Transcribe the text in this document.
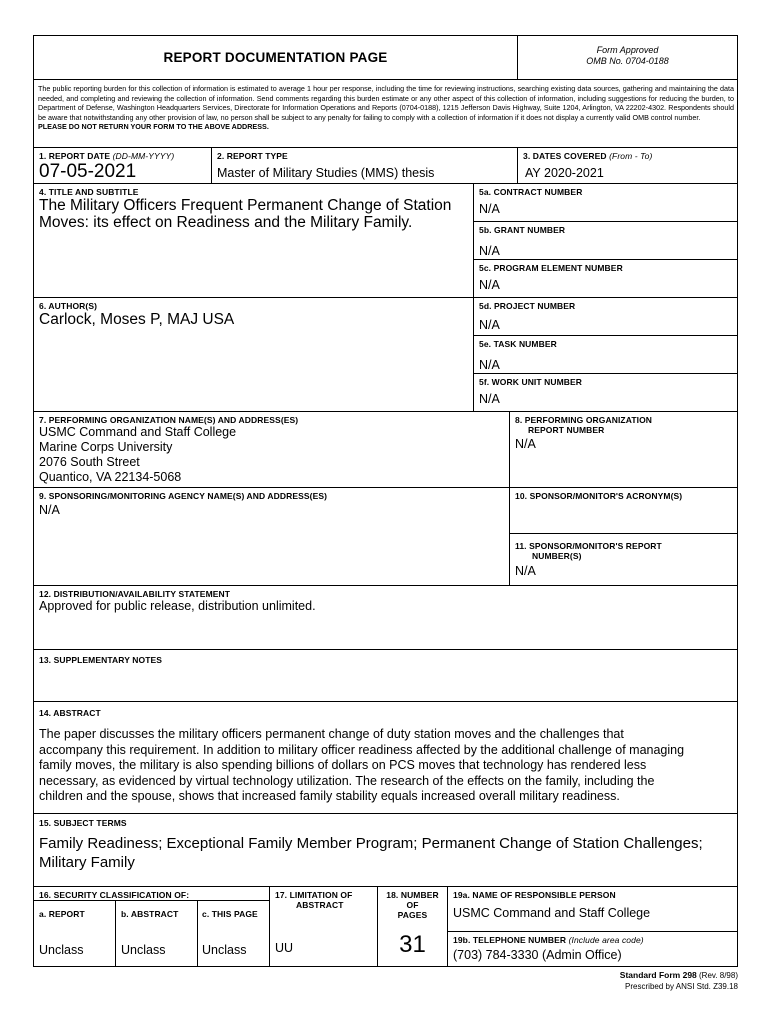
REPORT DOCUMENTATION PAGE	Form Approved
OMB No. 0704-0188

The public reporting burden for this collection of information is estimated to average 1 hour per response, including the time for reviewing instructions, searching existing data sources, gathering and maintaining the data needed, and completing and reviewing the collection of information. Send comments regarding this burden estimate or any other aspect of this collection of information, including suggestions for reducing the burden, to Department of Defense, Washington Headquarters Services, Directorate for Information Operations and Reports (0704-0188), 1215 Jefferson Davis Highway, Suite 1204, Arlington, VA 22202-4302. Respondents should be aware that notwithstanding any other provision of law, no person shall be subject to any penalty for failing to comply with a collection of information if it does not display a currently valid OMB control number.

PLEASE DO NOT RETURN YOUR FORM TO THE ABOVE ADDRESS.

1. REPORT DATE (DD-MM-YYYY)
07-05-2021
2. REPORT TYPE
Master of Military Studies (MMS) thesis
3. DATES COVERED (From - To)
AY 2020-2021
4. TITLE AND SUBTITLE
The Military Officers Frequent Permanent Change of Station
Moves: its effect on Readiness and the Military Family.
5a. CONTRACT NUMBER
N/A
5b. GRANT NUMBER
N/A
5c. PROGRAM ELEMENT NUMBER
N/A
6. AUTHOR(S)
Carlock, Moses P, MAJ USA
5d. PROJECT NUMBER
N/A
5e. TASK NUMBER
N/A
5f. WORK UNIT NUMBER
N/A
7. PERFORMING ORGANIZATION NAME(S) AND ADDRESS(ES)
USMC Command and Staff College
Marine Corps University
2076 South Street
Quantico, VA 22134-5068
8. PERFORMING ORGANIZATION
REPORT NUMBER
N/A
9. SPONSORING/MONITORING AGENCY NAME(S) AND ADDRESS(ES)
N/A
10. SPONSOR/MONITOR'S ACRONYM(S)
11. SPONSOR/MONITOR'S REPORT
NUMBER(S)
N/A
12. DISTRIBUTION/AVAILABILITY STATEMENT
Approved for public release, distribution unlimited.
13. SUPPLEMENTARY NOTES
14. ABSTRACT
The paper discusses the military officers permanent change of duty station moves and the challenges that
accompany this requirement. In addition to military officer readiness affected by the additional challenge of managing
family moves, the military is also spending billions of dollars on PCS moves that technology has rendered less
necessary, as evidenced by virtual technology utilization. The research of the effects on the family, including the
children and the spouse, shows that increased family stability equals increased overall military readiness.
15. SUBJECT TERMS
Family Readiness; Exceptional Family Member Program; Permanent Change of Station Challenges;
Military Family
16. SECURITY CLASSIFICATION OF:
a. REPORT
Unclass
b. ABSTRACT
Unclass
c. THIS PAGE
Unclass
17. LIMITATION OF
ABSTRACT
UU
18. NUMBER
OF
PAGES
31
19a. NAME OF RESPONSIBLE PERSON
USMC Command and Staff College
19b. TELEPHONE NUMBER (Include area code)
(703) 784-3330 (Admin Office)
Standard Form 298 (Rev. 8/98)
Prescribed by ANSI Std. Z39.18
